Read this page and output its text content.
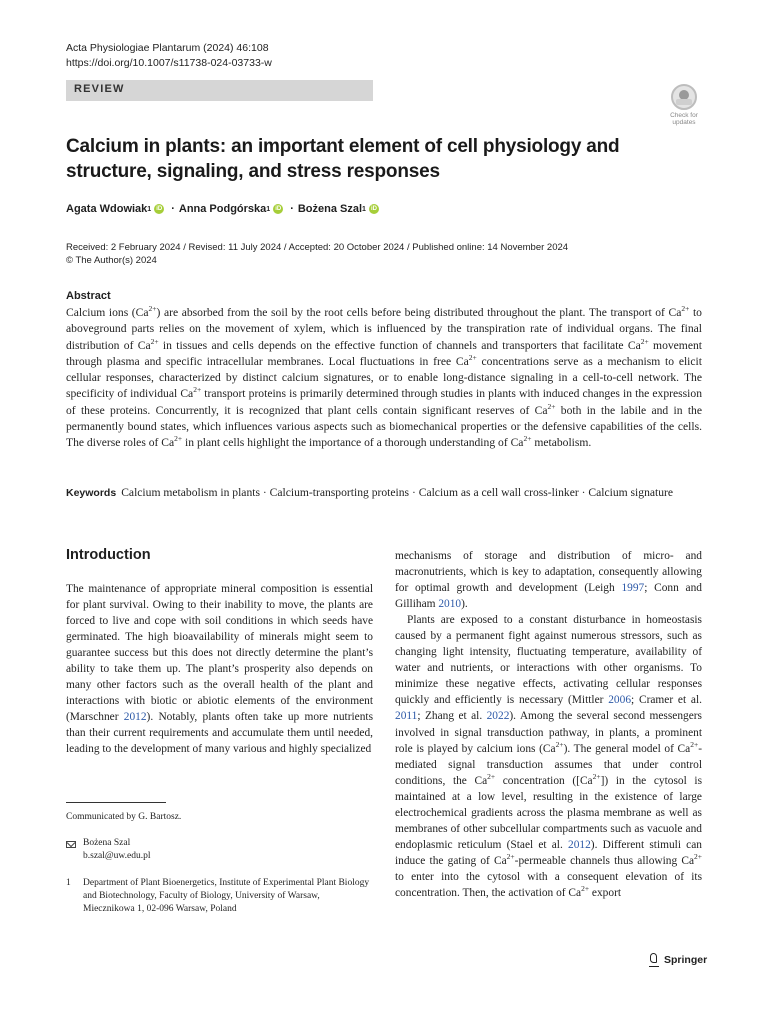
Acta Physiologiae Plantarum (2024) 46:108
https://doi.org/10.1007/s11738-024-03733-w
REVIEW
Check for updates
Calcium in plants: an important element of cell physiology and structure, signaling, and stress responses
Agata Wdowiak 1 iD · Anna Podgórska 1 iD · Bożena Szal 1 iD
Received: 2 February 2024 / Revised: 11 July 2024 / Accepted: 20 October 2024 / Published online: 14 November 2024
© The Author(s) 2024
Abstract
Calcium ions $(Ca^{2+})$ are absorbed from the soil by the root cells before being distributed throughout the plant. The transport of $Ca^{2+}$ to aboveground parts relies on the movement of xylem, which is influenced by the transpiration rate of individual organs. The final distribution of $Ca^{2+}$ in tissues and cells depends on the effective function of channels and transporters that facilitate $Ca^{2+}$ movement through plasma and specific intracellular membranes. Local fluctuations in free $Ca^{2+}$ concentrations serve as a mechanism to elicit cellular responses, characterized by distinct calcium signatures, or to enable long-distance signaling in a cell-to-cell network. The specificity of individual $Ca^{2+}$ transport proteins is primarily determined through studies in plants with induced changes in the expression of these proteins. Concurrently, it is recognized that plant cells contain significant reserves of $Ca^{2+}$ both in the labile and in the permanently bound states, which influences various aspects such as biomechanical properties or the defensive capabilities of the cells. The diverse roles of $Ca^{2+}$ in plant cells highlight the importance of a thorough understanding of $Ca^{2+}$ metabolism.
Keywords Calcium metabolism in plants · Calcium-transporting proteins · Calcium as a cell wall cross-linker · Calcium signature
Introduction

The maintenance of appropriate mineral composition is essential for plant survival. Owing to their inability to move, the plants are forced to live and cope with soil conditions in which seeds have germinated. The high bioavailability of minerals might seem to guarantee success but this does not directly determine the plant’s ability to take them up. The plant’s prosperity also depends on many other factors such as the overall health of the plant and interactions with biotic or abiotic elements of the environment (Marschner 2012). Notably, plants often take up more nutrients than their current requirements and accumulate them until needed, leading to the development of many various and highly specialized

mechanisms of storage and distribution of micro- and macronutrients, which is key to adaptation, consequently allowing for optimal growth and development (Leigh 1997; Conn and Gilliham 2010).

Plants are exposed to a constant disturbance in homeostasis caused by a permanent fight against numerous stressors, such as changing light intensity, fluctuating temperature, availability of water and nutrients, or interactions with other organisms. To minimize these negative effects, activating cellular responses quickly and efficiently is necessary (Mittler 2006; Cramer et al. 2011; Zhang et al. 2022). Among the several second messengers involved in signal transduction pathway, in plants, a prominent role is played by calcium ions $(Ca^{2+})$. The general model of $Ca^{2+}$-mediated signal transduction assumes that under control conditions, the $Ca^{2+}$ concentration $([Ca^{2+}])$ in the cytosol is maintained at a low level, resulting in the existence of large electrochemical gradients across the plasma membrane as well as membranes of other subcellular compartments such as vacuole and endoplasmic reticulum (Stael et al. 2012). Different stimuli can induce the gating of $Ca^{2+}$-permeable channels thus allowing $Ca^{2+}$ to enter into the cytosol with a consequent elevation of its concentration. Then, the activation of $Ca^{2+}$ export

Communicated by G. Bartosz.
Bożena Szal
b.szal@uw.edu.pl
1 Department of Plant Bioenergetics, Institute of Experimental Plant Biology and Biotechnology, Faculty of Biology, University of Warsaw, Miecznikowa 1, 02-096 Warsaw, Poland
Springer
